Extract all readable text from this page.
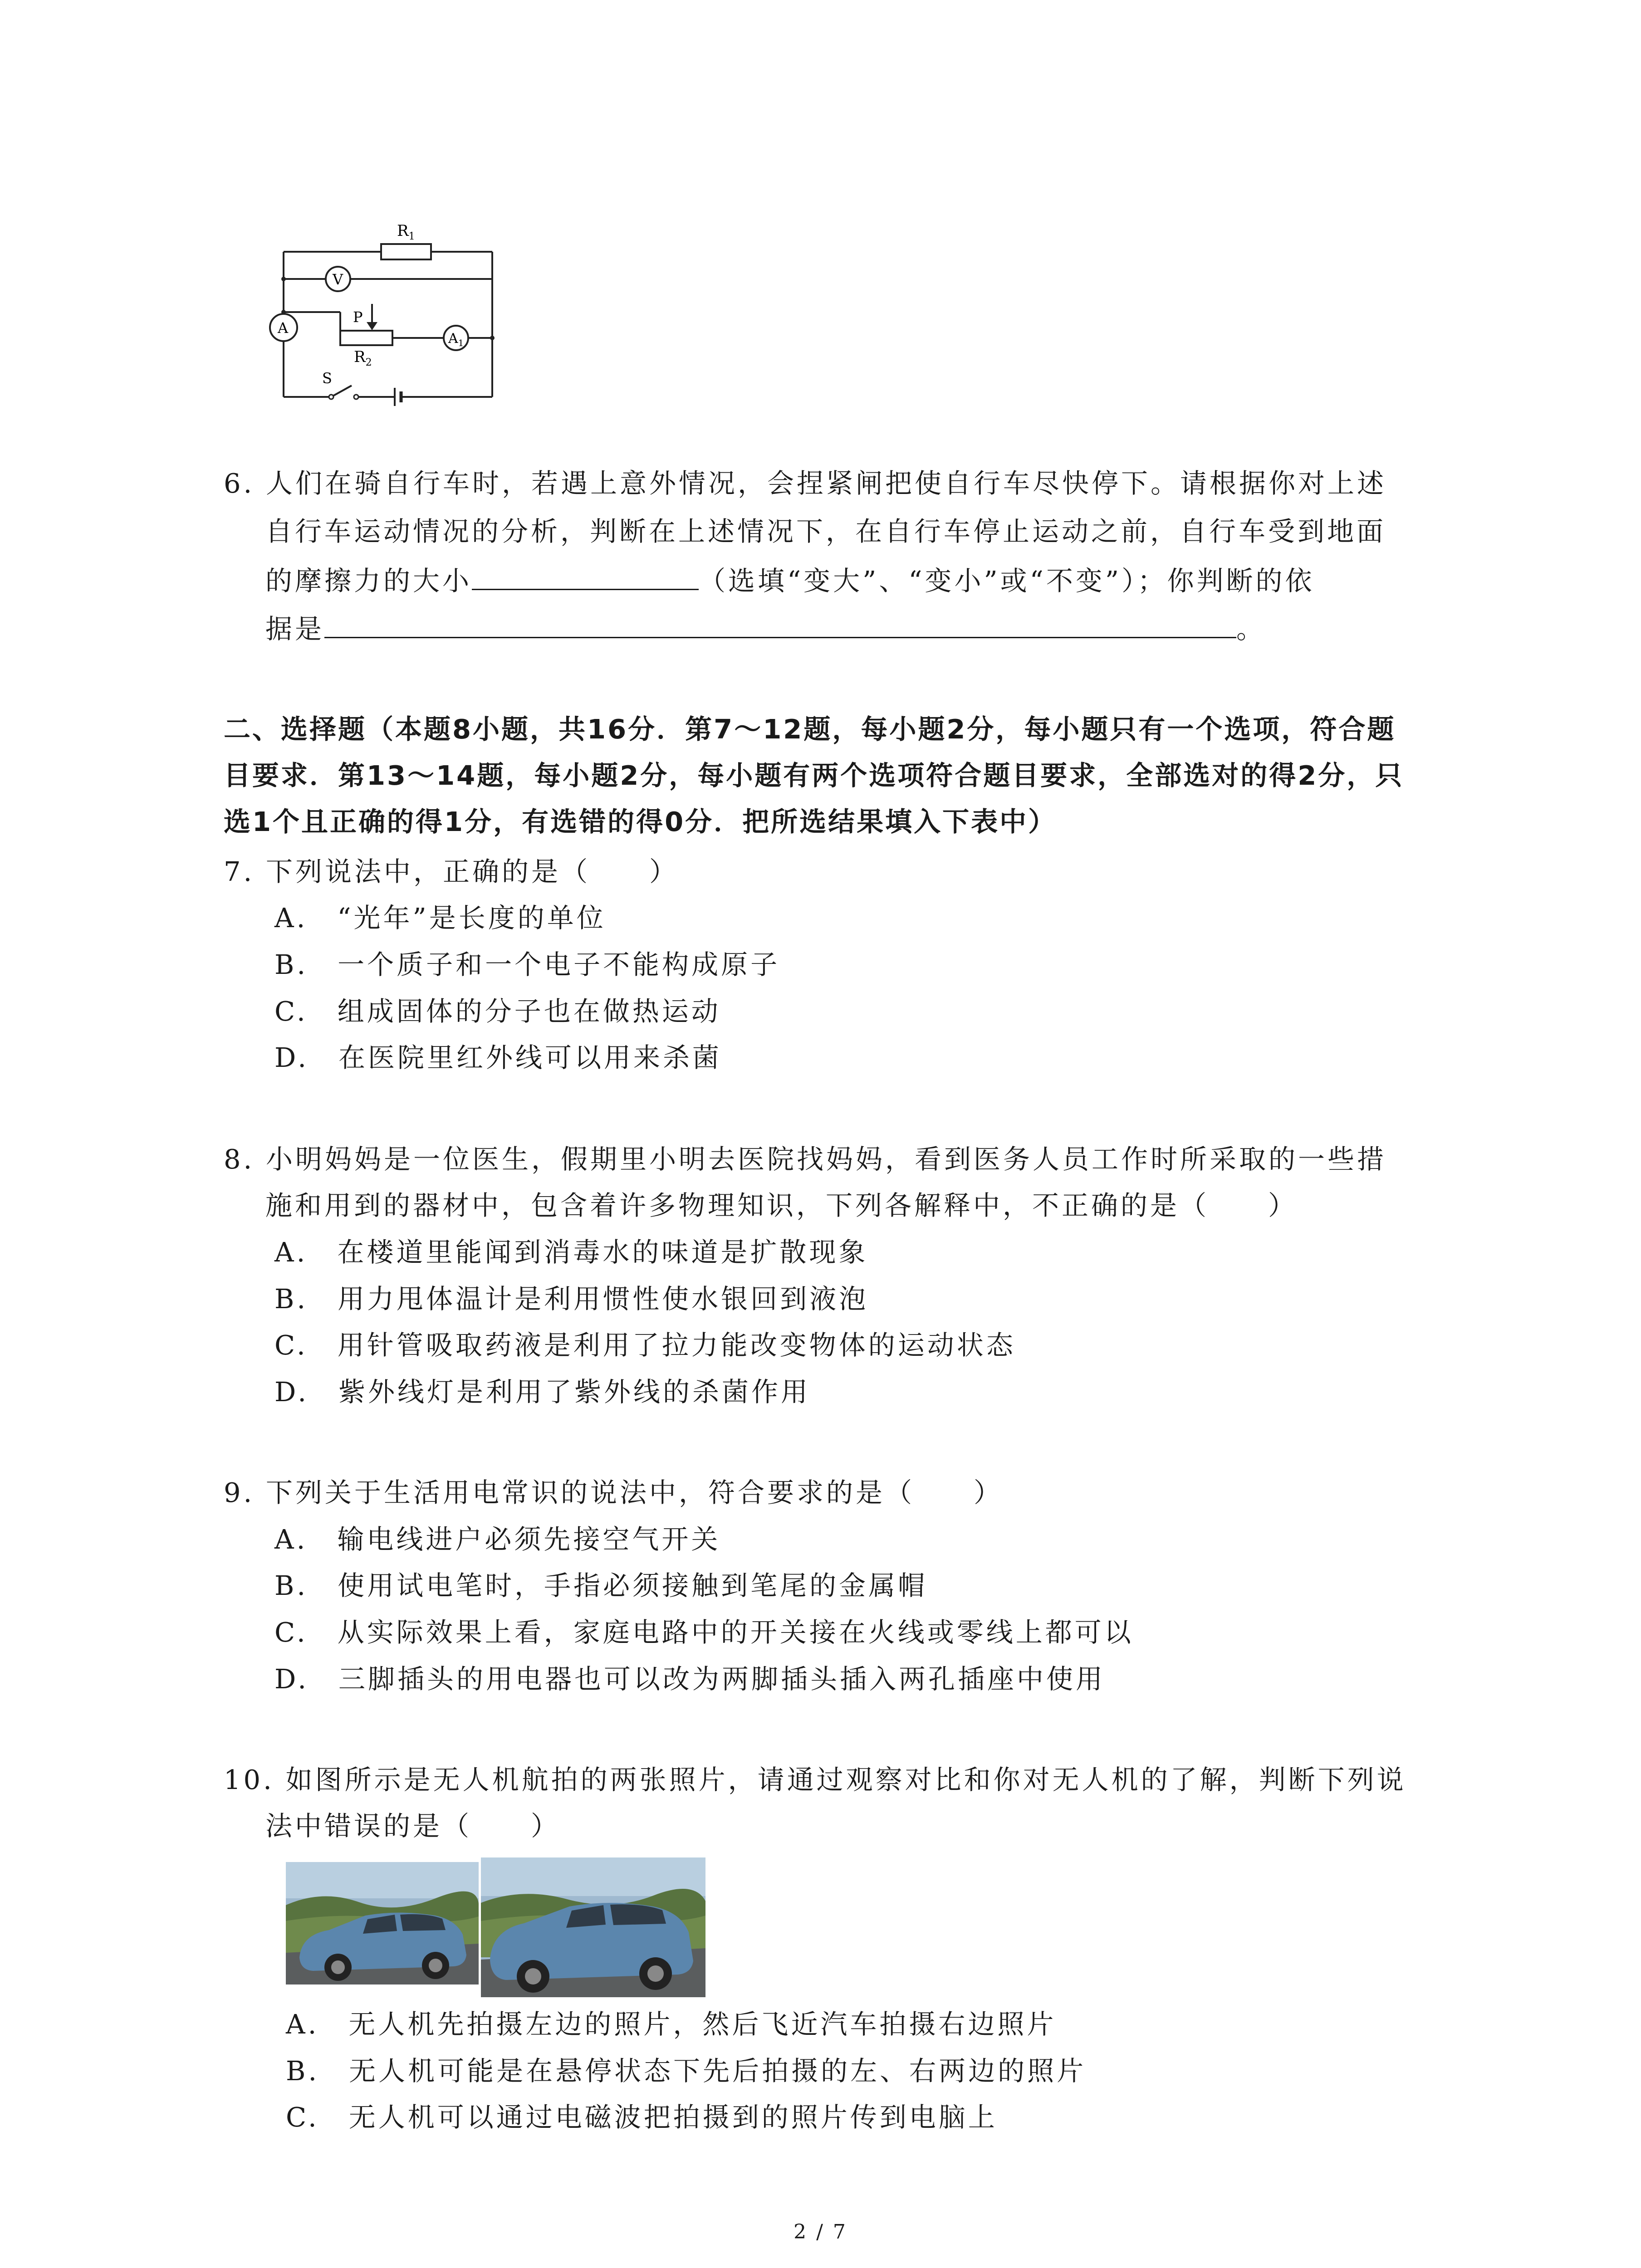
$R_1$
V
P
$R_2$
A
$A_1$
S
6. 人们在骑自行车时，若遇上意外情况，会捏紧闸把使自行车尽快停下。请根据你对上述
自行车运动情况的分析，判断在上述情况下，在自行车停止运动之前，自行车受到地面
的摩擦力的大小	（选填“变大”、“变小”或“不变”）；你判断的依
据是	。
二、选择题（本题8小题，共16分．第7～12题，每小题2分，每小题只有一个选项，符合题
目要求．第13～14题，每小题2分，每小题有两个选项符合题目要求，全部选对的得2分，只
选1个且正确的得1分，有选错的得0分．把所选结果填入下表中）
7. 下列说法中，正确的是（　　）
A.　“光年”是长度的单位
B.　一个质子和一个电子不能构成原子
C.　组成固体的分子也在做热运动
D.　在医院里红外线可以用来杀菌
8. 小明妈妈是一位医生，假期里小明去医院找妈妈，看到医务人员工作时所采取的一些措
施和用到的器材中，包含着许多物理知识，下列各解释中，不正确的是（　　）
A.　在楼道里能闻到消毒水的味道是扩散现象
B.　用力甩体温计是利用惯性使水银回到液泡
C.　用针管吸取药液是利用了拉力能改变物体的运动状态
D.　紫外线灯是利用了紫外线的杀菌作用
9. 下列关于生活用电常识的说法中，符合要求的是（　　）
A.　输电线进户必须先接空气开关
B.　使用试电笔时，手指必须接触到笔尾的金属帽
C.　从实际效果上看，家庭电路中的开关接在火线或零线上都可以
D.　三脚插头的用电器也可以改为两脚插头插入两孔插座中使用
10. 如图所示是无人机航拍的两张照片，请通过观察对比和你对无人机的了解，判断下列说
法中错误的是（　　）
A.　无人机先拍摄左边的照片，然后飞近汽车拍摄右边照片
B.　无人机可能是在悬停状态下先后拍摄的左、右两边的照片
C.　无人机可以通过电磁波把拍摄到的照片传到电脑上
2 / 7
